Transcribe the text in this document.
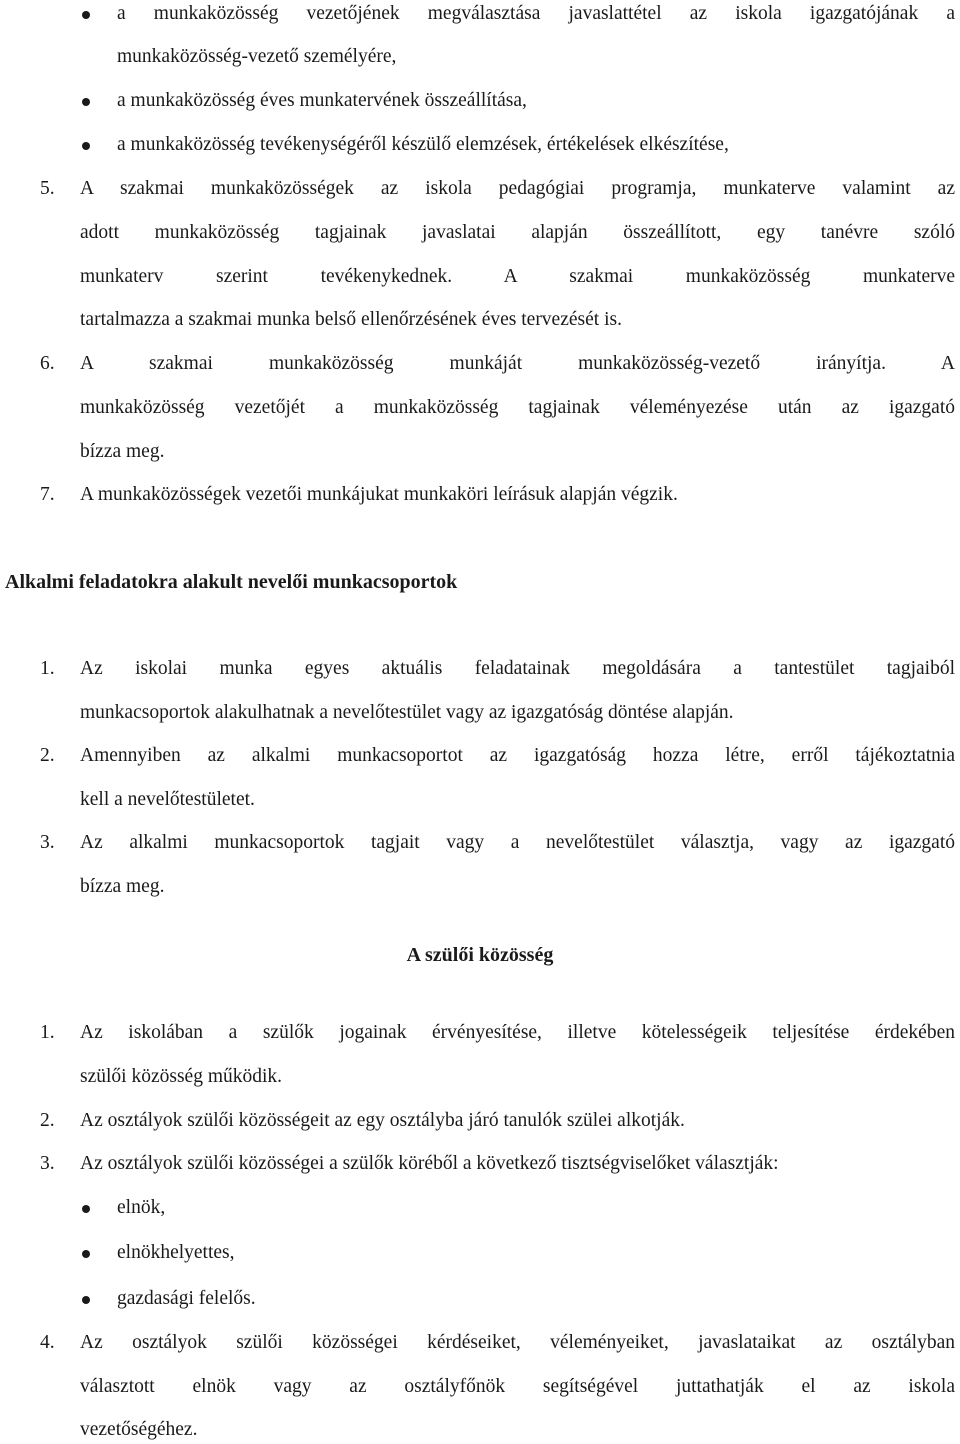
a munkaközösség vezetőjének megválasztása javaslattétel az iskola igazgatójának a
munkaközösség-vezető személyére,
a munkaközösség éves munkatervének összeállítása,
a munkaközösség tevékenységéről készülő elemzések, értékelések elkészítése,
5.	A szakmai munkaközösségek az iskola pedagógiai programja, munkaterve valamint az
adott munkaközösség tagjainak javaslatai alapján összeállított, egy tanévre szóló
munkaterv szerint tevékenykednek. A szakmai munkaközösség munkaterve
tartalmazza a szakmai munka belső ellenőrzésének éves tervezését is.
6.	A szakmai munkaközösség munkáját munkaközösség-vezető irányítja. A
munkaközösség vezetőjét a munkaközösség tagjainak véleményezése után az igazgató
bízza meg.
7.	A munkaközösségek vezetői munkájukat munkaköri leírásuk alapján végzik.
Alkalmi feladatokra alakult nevelői munkacsoportok
1.	Az iskolai munka egyes aktuális feladatainak megoldására a tantestület tagjaiból
munkacsoportok alakulhatnak a nevelőtestület vagy az igazgatóság döntése alapján.
2.	Amennyiben az alkalmi munkacsoportot az igazgatóság hozza létre, erről tájékoztatnia
kell a nevelőtestületet.
3.	Az alkalmi munkacsoportok tagjait vagy a nevelőtestület választja, vagy az igazgató
bízza meg.
A szülői közösség
1.	Az iskolában a szülők jogainak érvényesítése, illetve kötelességeik teljesítése érdekében
szülői közösség működik.
2.	Az osztályok szülői közösségeit az egy osztályba járó tanulók szülei alkotják.
3.	Az osztályok szülői közösségei a szülők köréből a következő tisztségviselőket választják:
elnök,
elnökhelyettes,
gazdasági felelős.
4.	Az osztályok szülői közösségei kérdéseiket, véleményeiket, javaslataikat az osztályban
választott elnök vagy az osztályfőnök segítségével juttathatják el az iskola
vezetőségéhez.
